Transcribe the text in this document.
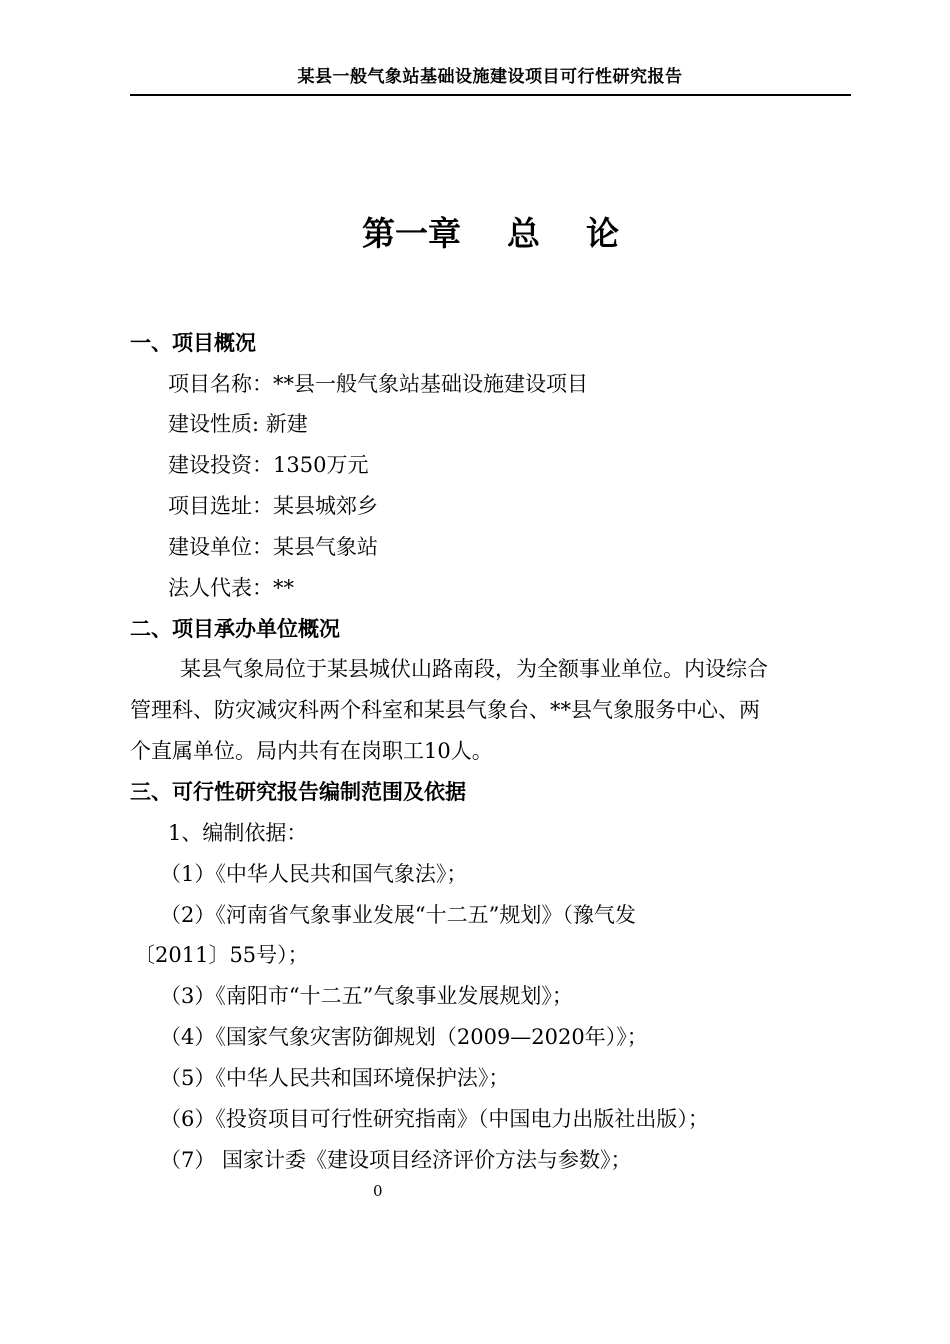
某县一般气象站基础设施建设项目可行性研究报告
第一章    总    论
一、项目概况
项目名称：**县一般气象站基础设施建设项目
建设性质: 新建
建设投资：1350万元
项目选址：某县城郊乡
建设单位：某县气象站
法人代表：**
二、项目承办单位概况
某县气象局位于某县城伏山路南段，为全额事业单位。内设综合
管理科、防灾减灾科两个科室和某县气象台、**县气象服务中心、两
个直属单位。局内共有在岗职工10人。
三、可行性研究报告编制范围及依据
1、编制依据：
（1）《中华人民共和国气象法》；
（2）《河南省气象事业发展“十二五”规划》（豫气发
〔2011〕55号）；
（3）《南阳市“十二五”气象事业发展规划》；
（4）《国家气象灾害防御规划（2009—2020年）》；
（5）《中华人民共和国环境保护法》；
（6）《投资项目可行性研究指南》（中国电力出版社出版）；
（7） 国家计委《建设项目经济评价方法与参数》；
0
